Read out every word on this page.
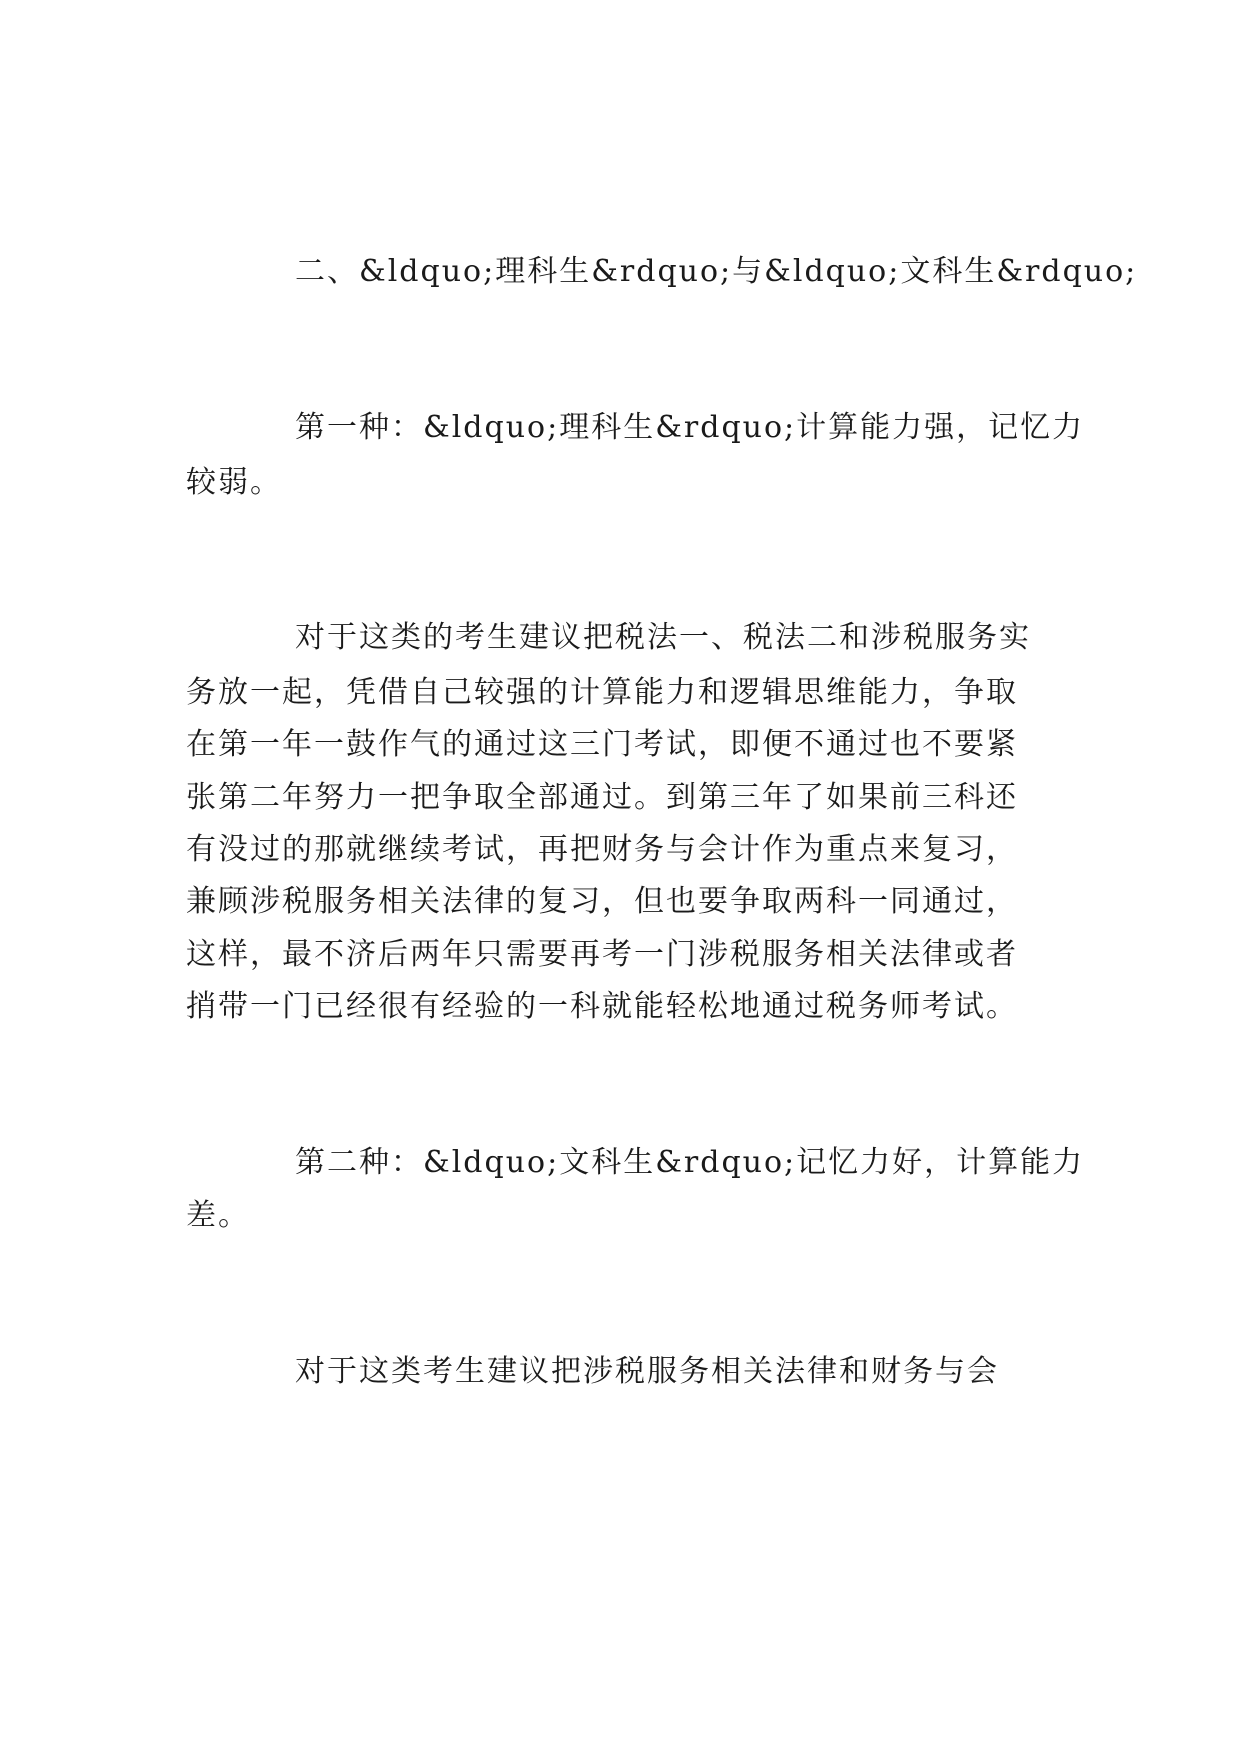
二、&ldquo;理科生&rdquo;与&ldquo;文科生&rdquo;
第一种：&ldquo;理科生&rdquo;计算能力强，记忆力
较弱。
对于这类的考生建议把税法一、税法二和涉税服务实
务放一起，凭借自己较强的计算能力和逻辑思维能力，争取
在第一年一鼓作气的通过这三门考试，即便不通过也不要紧
张第二年努力一把争取全部通过。到第三年了如果前三科还
有没过的那就继续考试，再把财务与会计作为重点来复习，
兼顾涉税服务相关法律的复习，但也要争取两科一同通过，
这样，最不济后两年只需要再考一门涉税服务相关法律或者
捎带一门已经很有经验的一科就能轻松地通过税务师考试。
第二种：&ldquo;文科生&rdquo;记忆力好，计算能力
差。
对于这类考生建议把涉税服务相关法律和财务与会
